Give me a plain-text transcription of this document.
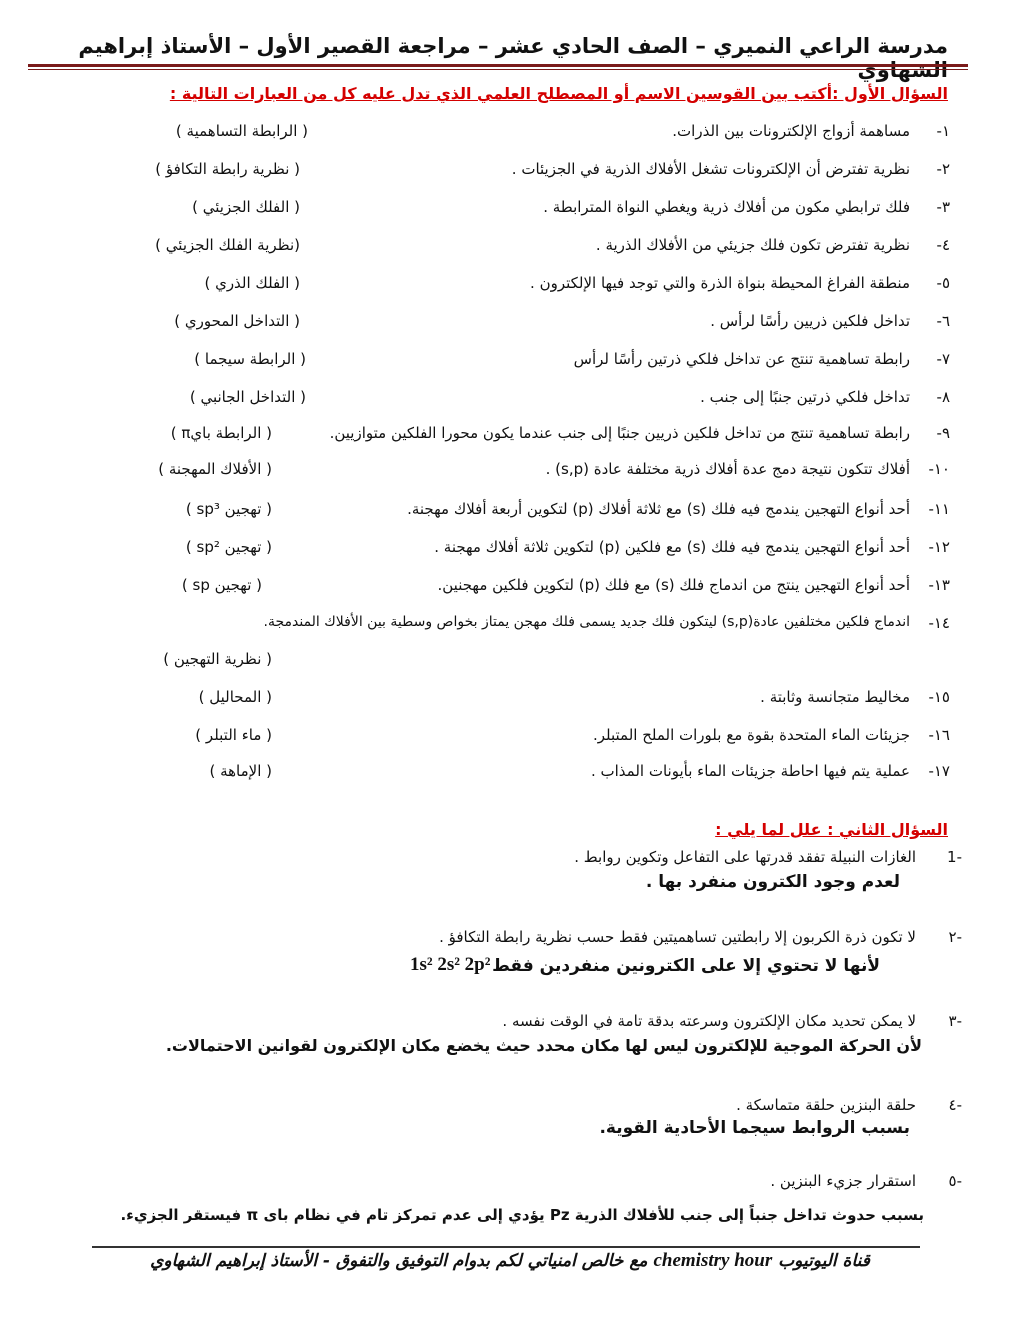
مدرسة الراعي النميري – الصف الحادي عشر – مراجعة القصير الأول – الأستاذ إبراهيم الشهاوي
السؤال الأول :أكتب بين القوسين الاسم أو المصطلح العلمي الذي تدل عليه كل من العبارات التالية :
١-
مساهمة أزواج الإلكترونات بين الذرات.
( الرابطة التساهمية )
٢-
نظرية تفترض أن الإلكترونات تشغل الأفلاك الذرية في الجزيئات .
( نظرية رابطة التكافؤ )
٣-
فلك ترابطي مكون من أفلاك ذرية ويغطي النواة المترابطة .
( الفلك الجزيئي )
٤-
نظرية تفترض تكون فلك جزيئي من الأفلاك الذرية .
(نظرية الفلك الجزيئي )
٥-
منطقة الفراغ المحيطة بنواة الذرة والتي توجد فيها الإلكترون .
( الفلك الذري )
٦-
تداخل فلكين ذريين رأسًا لرأس .
( التداخل المحوري )
٧-
رابطة تساهمية تنتج عن تداخل فلكي ذرتين رأسًا لرأس
( الرابطة سيجما )
٨-
تداخل فلكي ذرتين جنبًا إلى جنب .
( التداخل الجانبي )
٩-
رابطة تساهمية تنتج من تداخل فلكين ذريين جنبًا إلى جنب عندما يكون محورا الفلكين متوازيين.
( الرابطة بايπ )
١٠-
أفلاك تتكون نتيجة دمج عدة أفلاك ذرية مختلفة عادة (s,p) .
( الأفلاك المهجنة )
١١-
أحد أنواع التهجين يندمج فيه فلك (s) مع ثلاثة أفلاك (p) لتكوين أربعة أفلاك مهجنة.
( تهجين sp³ )
١٢-
أحد أنواع التهجين يندمج فيه فلك (s) مع فلكين (p) لتكوين ثلاثة أفلاك مهجنة .
( تهجين sp² )
١٣-
أحد أنواع التهجين ينتج من اندماج فلك (s) مع فلك (p) لتكوين فلكين مهجنين.
( تهجين sp )
١٤-
اندماج فلكين مختلفين عادة(s,p) ليتكون فلك جديد يسمى فلك مهجن يمتاز بخواص وسطية بين الأفلاك المندمجة.
( نظرية التهجين )
١٥-
مخاليط متجانسة وثابتة .
( المحاليل )
١٦-
جزيئات الماء المتحدة بقوة مع بلورات الملح المتبلر.
( ماء التبلر )
١٧-
عملية يتم فيها احاطة جزيئات الماء بأيونات المذاب .
( الإماهة )
السؤال الثاني : علل لما يلي :
-1
الغازات النبيلة تفقد قدرتها على التفاعل وتكوين روابط .
لعدم وجود الكترون منفرد بها .
-٢
لا تكون ذرة الكربون إلا رابطتين تساهميتين فقط حسب نظرية رابطة التكافؤ .
لأنها لا تحتوي إلا على الكترونين منفردين فقط
1s² 2s² 2p² .
-٣
لا يمكن تحديد مكان الإلكترون وسرعته بدقة تامة في الوقت نفسه .
لأن الحركة الموجية للإلكترون ليس لها مكان محدد حيث يخضع مكان الإلكترون لقوانين الاحتمالات.
-٤
حلقة البنزين حلقة متماسكة .
بسبب الروابط سيجما الأحادية القوية.
-٥
استقرار جزيء البنزين .
بسبب حدوث تداخل جنباً إلى جنب للأفلاك الذرية Pz يؤدي إلى عدم تمركز تام في نظام باى π فيستقر الجزيء.
قناة اليوتيوب chemistry hour مع خالص امنياتي لكم بدوام التوفيق والتفوق - الأستاذ إبراهيم الشهاوي
